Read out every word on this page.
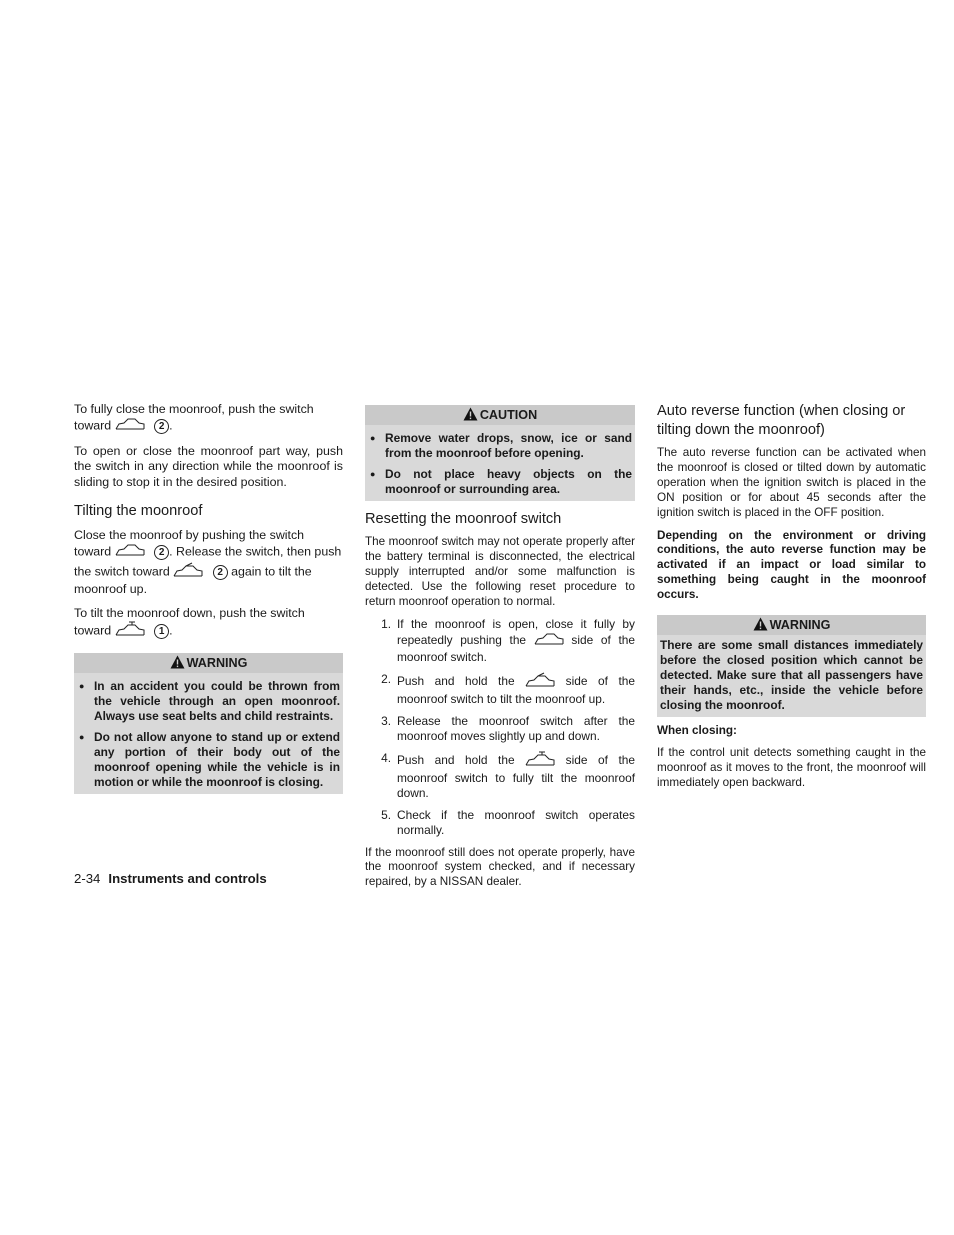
To fully close the moonroof, push the switch
toward	2 .

To open or close the moonroof part way, push the switch in any direction while the moonroof is sliding to stop it in the desired position.

Tilting the moonroof

Close the moonroof by pushing the switch
toward	2 . Release the switch, then push
the switch toward	2 again to tilt the
moonroof up.

To tilt the moonroof down, push the switch
toward	1 .

WARNING
● In an accident you could be thrown from the vehicle through an open moonroof. Always use seat belts and child restraints.
● Do not allow anyone to stand up or extend any portion of their body out of the moonroof opening while the vehicle is in motion or while the moonroof is closing.
CAUTION
● Remove water drops, snow, ice or sand from the moonroof before opening.
● Do not place heavy objects on the moonroof or surrounding area.
Resetting the moonroof switch

The moonroof switch may not operate properly after the battery terminal is disconnected, the electrical supply interrupted and/or some malfunction is detected. Use the following reset procedure to return moonroof operation to normal.

1. If the moonroof is open, close it fully by repeatedly pushing the	side of the moonroof switch.
2. Push and hold the	side of the moonroof switch to tilt the moonroof up.
3. Release the moonroof switch after the moonroof moves slightly up and down.
4. Push and hold the	side of the moonroof switch to fully tilt the moonroof down.
5. Check if the moonroof switch operates normally.

If the moonroof still does not operate properly, have the moonroof system checked, and if necessary repaired, by a NISSAN dealer.

Auto reverse function (when closing or tilting down the moonroof)

The auto reverse function can be activated when the moonroof is closed or tilted down by automatic operation when the ignition switch is placed in the ON position or for about 45 seconds after the ignition switch is placed in the OFF position.

Depending on the environment or driving conditions, the auto reverse function may be activated if an impact or load similar to something being caught in the moonroof occurs.

WARNING
There are some small distances immediately before the closed position which cannot be detected. Make sure that all passengers have their hands, etc., inside the vehicle before closing the moonroof.

When closing:

If the control unit detects something caught in the moonroof as it moves to the front, the moonroof will immediately open backward.

2-34 Instruments and controls
